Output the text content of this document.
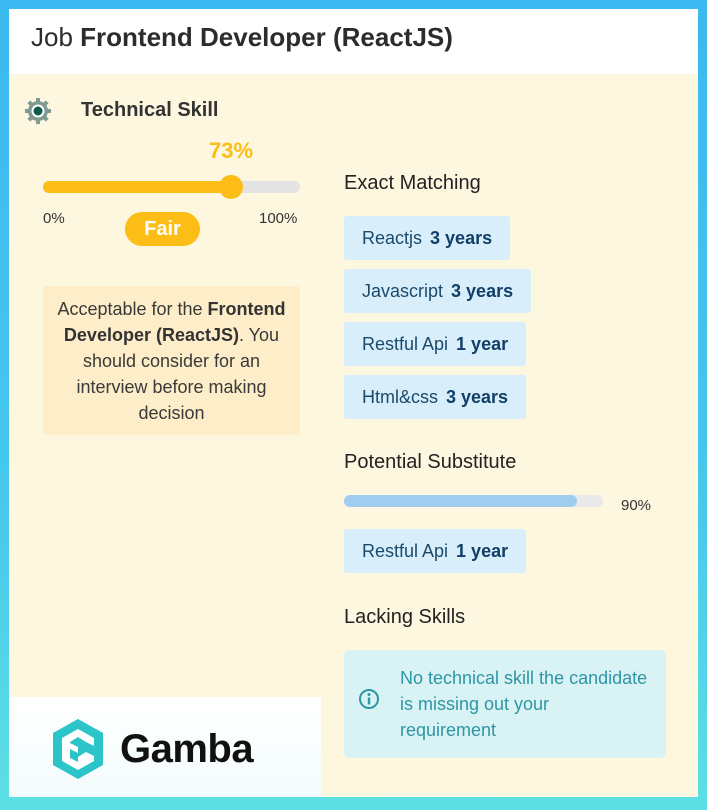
Job Frontend Developer (ReactJS)
Technical Skill
73%
0%	100%
Fair
Acceptable for the Frontend Developer (ReactJS). You should consider for an interview before making decision
Exact Matching
Reactjs 3 years
Javascript 3 years
Restful Api 1 year
Html&css 3 years
Potential Substitute
90%
Restful Api 1 year
Lacking Skills
No technical skill the candidate is missing out your requirement
Gamba
